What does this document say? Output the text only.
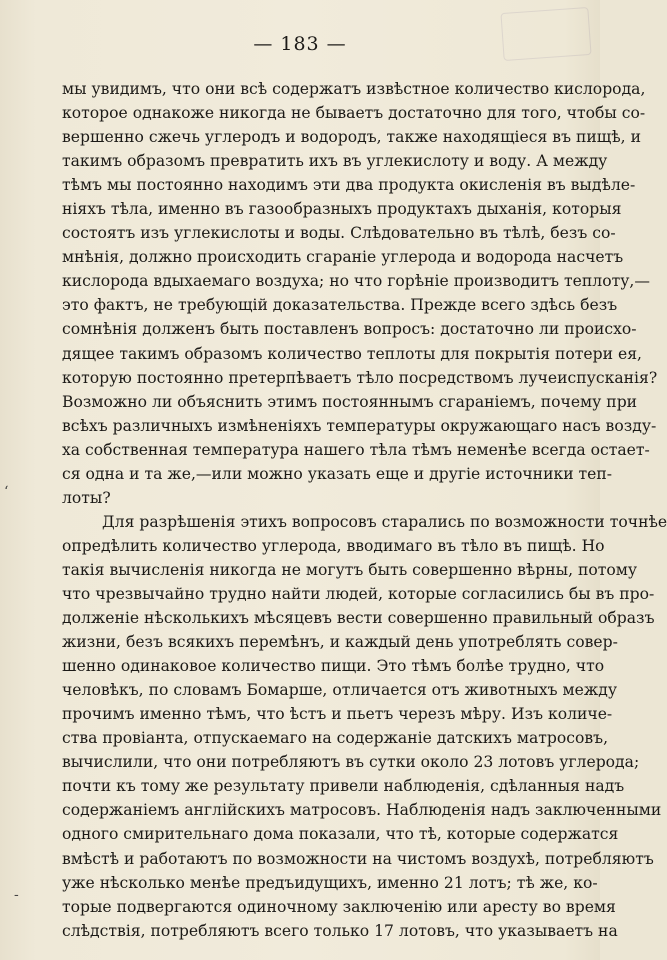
— 183 —
‘
-
мы увидимъ, что они всѣ содержатъ извѣстное количество кислорода,
которое однакоже никогда не бываетъ достаточно для того, чтобы со-
вершенно сжечь углеродъ и водородъ, также находящіеся въ пищѣ, и
такимъ образомъ превратить ихъ въ углекислоту и воду. А между
тѣмъ мы постоянно находимъ эти два продукта окисленія въ выдѣле-
ніяхъ тѣла, именно въ газообразныхъ продуктахъ дыханія, которыя
состоятъ изъ углекислоты и воды. Слѣдовательно въ тѣлѣ, безъ со-
мнѣнія, должно происходить сгараніе углерода и водорода насчетъ
кислорода вдыхаемаго воздуха; но что горѣніе производитъ теплоту,—
это фактъ, не требующій доказательства. Прежде всего здѣсь безъ
сомнѣнія долженъ быть поставленъ вопросъ: достаточно ли происхо-
дящее такимъ образомъ количество теплоты для покрытія потери ея,
которую постоянно претерпѣваетъ тѣло посредствомъ лучеиспусканія?
Возможно ли объяснить этимъ постояннымъ сгараніемъ, почему при
всѣхъ различныхъ измѣненіяхъ температуры окружающаго насъ возду-
ха собственная температура нашего тѣла тѣмъ неменѣе всегда остает-
ся одна и та же,—или можно указать еще и другіе источники теп-
лоты?
Для разрѣшенія этихъ вопросовъ старались по возможности точнѣе
опредѣлить количество углерода, вводимаго въ тѣло въ пищѣ. Но
такія вычисленія никогда не могутъ быть совершенно вѣрны, потому
что чрезвычайно трудно найти людей, которые согласились бы въ про-
долженіе нѣсколькихъ мѣсяцевъ вести совершенно правильный образъ
жизни, безъ всякихъ перемѣнъ, и каждый день употреблять совер-
шенно одинаковое количество пищи. Это тѣмъ болѣе трудно, что
человѣкъ, по словамъ Бомарше, отличается отъ животныхъ между
прочимъ именно тѣмъ, что ѣстъ и пьетъ черезъ мѣру. Изъ количе-
ства провіанта, отпускаемаго на содержаніе датскихъ матросовъ,
вычислили, что они потребляютъ въ сутки около 23 лотовъ углерода;
почти къ тому же результату привели наблюденія, сдѣланныя надъ
содержаніемъ англійскихъ матросовъ. Наблюденія надъ заключенными
одного смирительнаго дома показали, что тѣ, которые содержатся
вмѣстѣ и работаютъ по возможности на чистомъ воздухѣ, потребляютъ
уже нѣсколько менѣе предъидущихъ, именно 21 лотъ; тѣ же, ко-
торые подвергаются одиночному заключенію или аресту во время
слѣдствія, потребляютъ всего только 17 лотовъ, что указываетъ на
